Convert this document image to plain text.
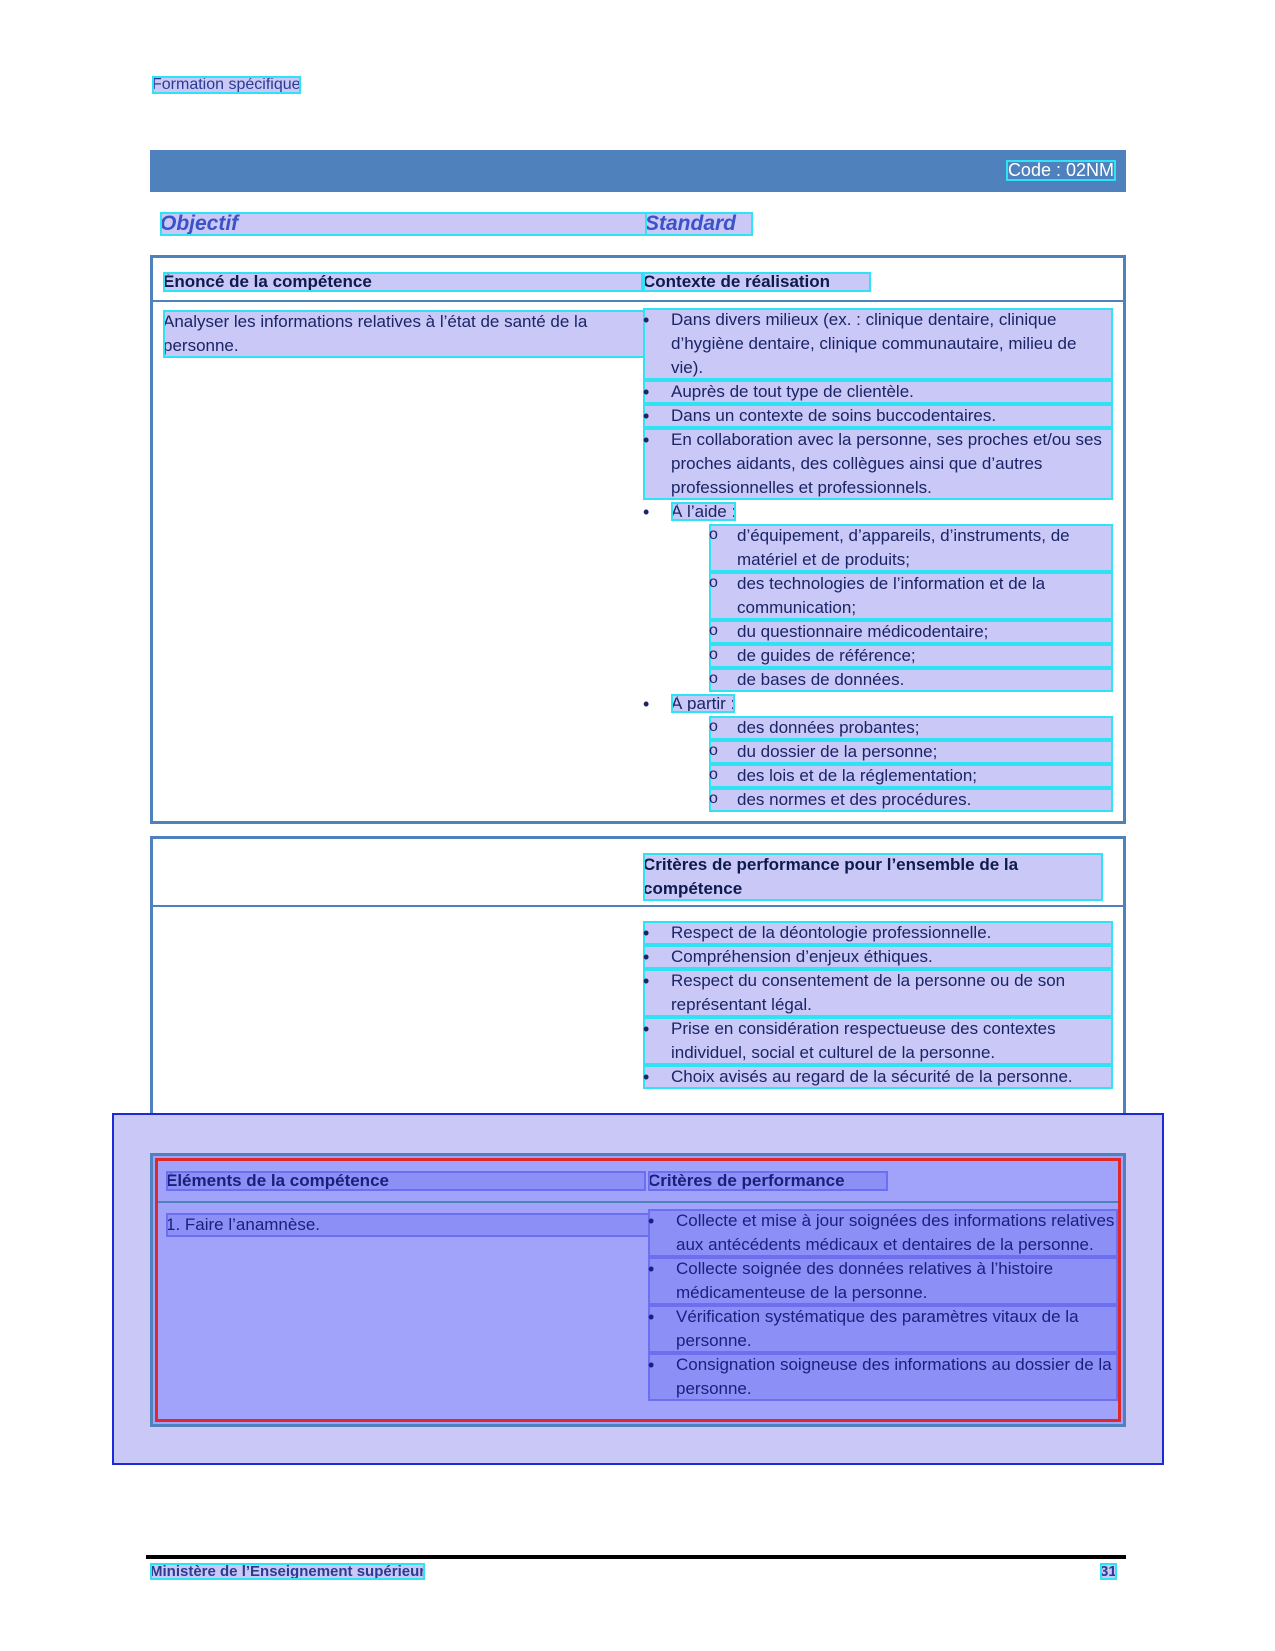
Formation spécifique
Code : 02NM
Objectif	Standard
Énoncé de la compétence	Contexte de réalisation
Analyser les informations relatives à l’état de santé de la personne.
• Dans divers milieux (ex. : clinique dentaire, clinique d’hygiène dentaire, clinique communautaire, milieu de vie).
• Auprès de tout type de clientèle.
• Dans un contexte de soins buccodentaires.
• En collaboration avec la personne, ses proches et/ou ses proches aidants, des collègues ainsi que d’autres professionnelles et professionnels.
• À l’aide :
o d’équipement, d’appareils, d’instruments, de matériel et de produits;
o des technologies de l’information et de la communication;
o du questionnaire médicodentaire;
o de guides de référence;
o de bases de données.
• À partir :
o des données probantes;
o du dossier de la personne;
o des lois et de la réglementation;
o des normes et des procédures.
Critères de performance pour l’ensemble de la compétence
• Respect de la déontologie professionnelle.
• Compréhension d’enjeux éthiques.
• Respect du consentement de la personne ou de son représentant légal.
• Prise en considération respectueuse des contextes individuel, social et culturel de la personne.
• Choix avisés au regard de la sécurité de la personne.
Éléments de la compétence	Critères de performance
1. Faire l’anamnèse.
•	Collecte et mise à jour soignées des informations relatives aux antécédents médicaux et dentaires de la personne.
• Collecte soignée des données relatives à l’histoire médicamenteuse de la personne.
• Vérification systématique des paramètres vitaux de la personne.
• Consignation soigneuse des informations au dossier de la personne.
Ministère de l’Enseignement supérieur	31
